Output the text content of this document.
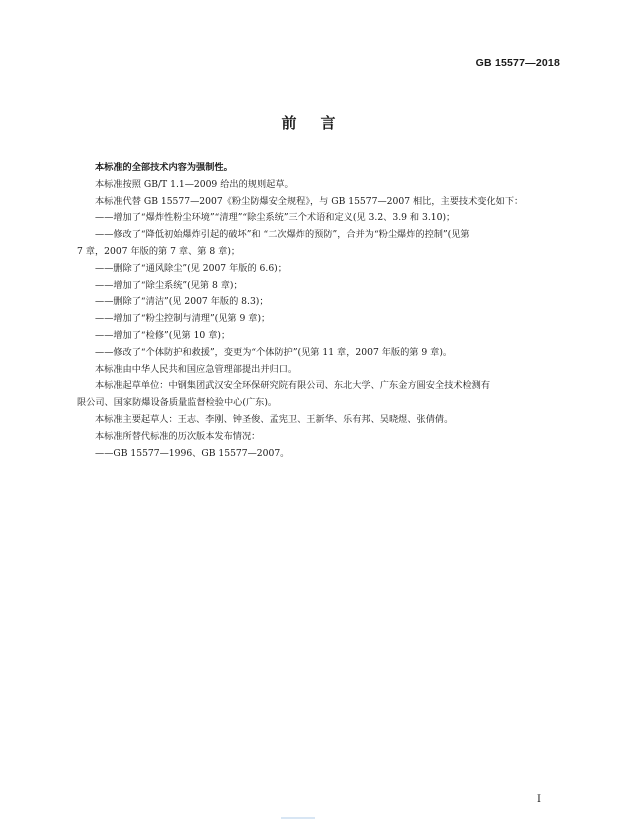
GB 15577—2018
前言

本标准的全部技术内容为强制性。

本标准按照 GB/T 1.1—2009 给出的规则起草。

本标准代替 GB 15577—2007《粉尘防爆安全规程》，与 GB 15577—2007 相比，主要技术变化如下：

——增加了“爆炸性粉尘环境”“清理”“除尘系统”三个术语和定义(见 3.2、3.9 和 3.10)；

——修改了“降低初始爆炸引起的破坏”和 “二次爆炸的预防”，合并为“粉尘爆炸的控制”(见第
7 章，2007 年版的第 7 章、第 8 章)；

——删除了“通风除尘”(见 2007 年版的 6.6)；

——增加了“除尘系统”(见第 8 章)；

——删除了“清洁”(见 2007 年版的 8.3)；

——增加了“粉尘控制与清理”(见第 9 章)；

——增加了“检修”(见第 10 章)；

——修改了“个体防护和救援”，变更为“个体防护”(见第 11 章，2007 年版的第 9 章)。

本标准由中华人民共和国应急管理部提出并归口。

本标准起草单位：中钢集团武汉安全环保研究院有限公司、东北大学、广东金方圆安全技术检测有
限公司、国家防爆设备质量监督检验中心(广东)。

本标准主要起草人：王志、李刚、钟圣俊、孟宪卫、王新华、乐有邦、吴晓煜、张倩倩。

本标准所替代标准的历次版本发布情况：

——GB 15577—1996、GB 15577—2007。

I
